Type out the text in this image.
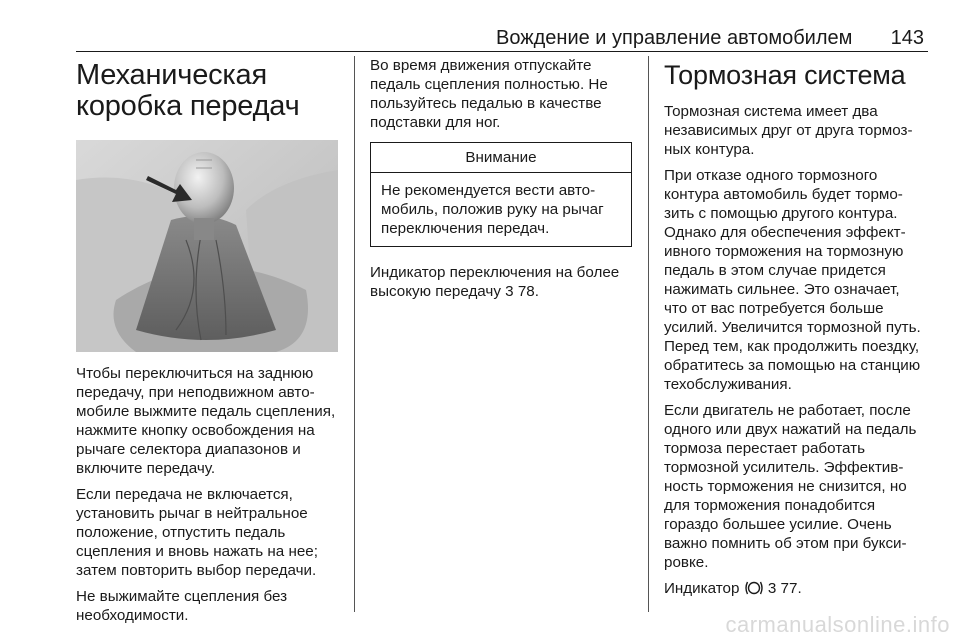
Вождение и управление автомобилем 143
Механическая
коробка передач

Чтобы переключиться на заднюю передачу, при неподвижном автомобиле выжмите педаль сцепления, нажмите кнопку освобождения на рычаге селектора диапазонов и включите передачу.

Если передача не включается, установить рычаг в нейтральное положение, отпустить педаль сцепления и вновь нажать на нее; затем повторить выбор передачи.

Не выжимайте сцепления без необходимости.

Во время движения отпускайте педаль сцепления полностью. Не пользуйтесь педалью в качестве подставки для ног.

Внимание
Не рекомендуется вести автомобиль, положив руку на рычаг переключения передач.

Индикатор переключения на более высокую передачу 3 78.

Тормозная система

Тормозная система имеет два независимых друг от друга тормозных контура.

При отказе одного тормозного контура автомобиль будет тормозить с помощью другого контура. Однако для обеспечения эффективного торможения на тормозную педаль в этом случае придется нажимать сильнее. Это означает, что от вас потребуется больше усилий. Увеличится тормозной путь. Перед тем, как продолжить поездку, обратитесь за помощью на станцию техобслуживания.

Если двигатель не работает, после одного или двух нажатий на педаль тормоза перестает работать тормозной усилитель. Эффективность торможения не снизится, но для торможения понадобится гораздо большее усилие. Очень важно помнить об этом при буксировке.

Индикатор 3 77.

carmanualsonline.info
